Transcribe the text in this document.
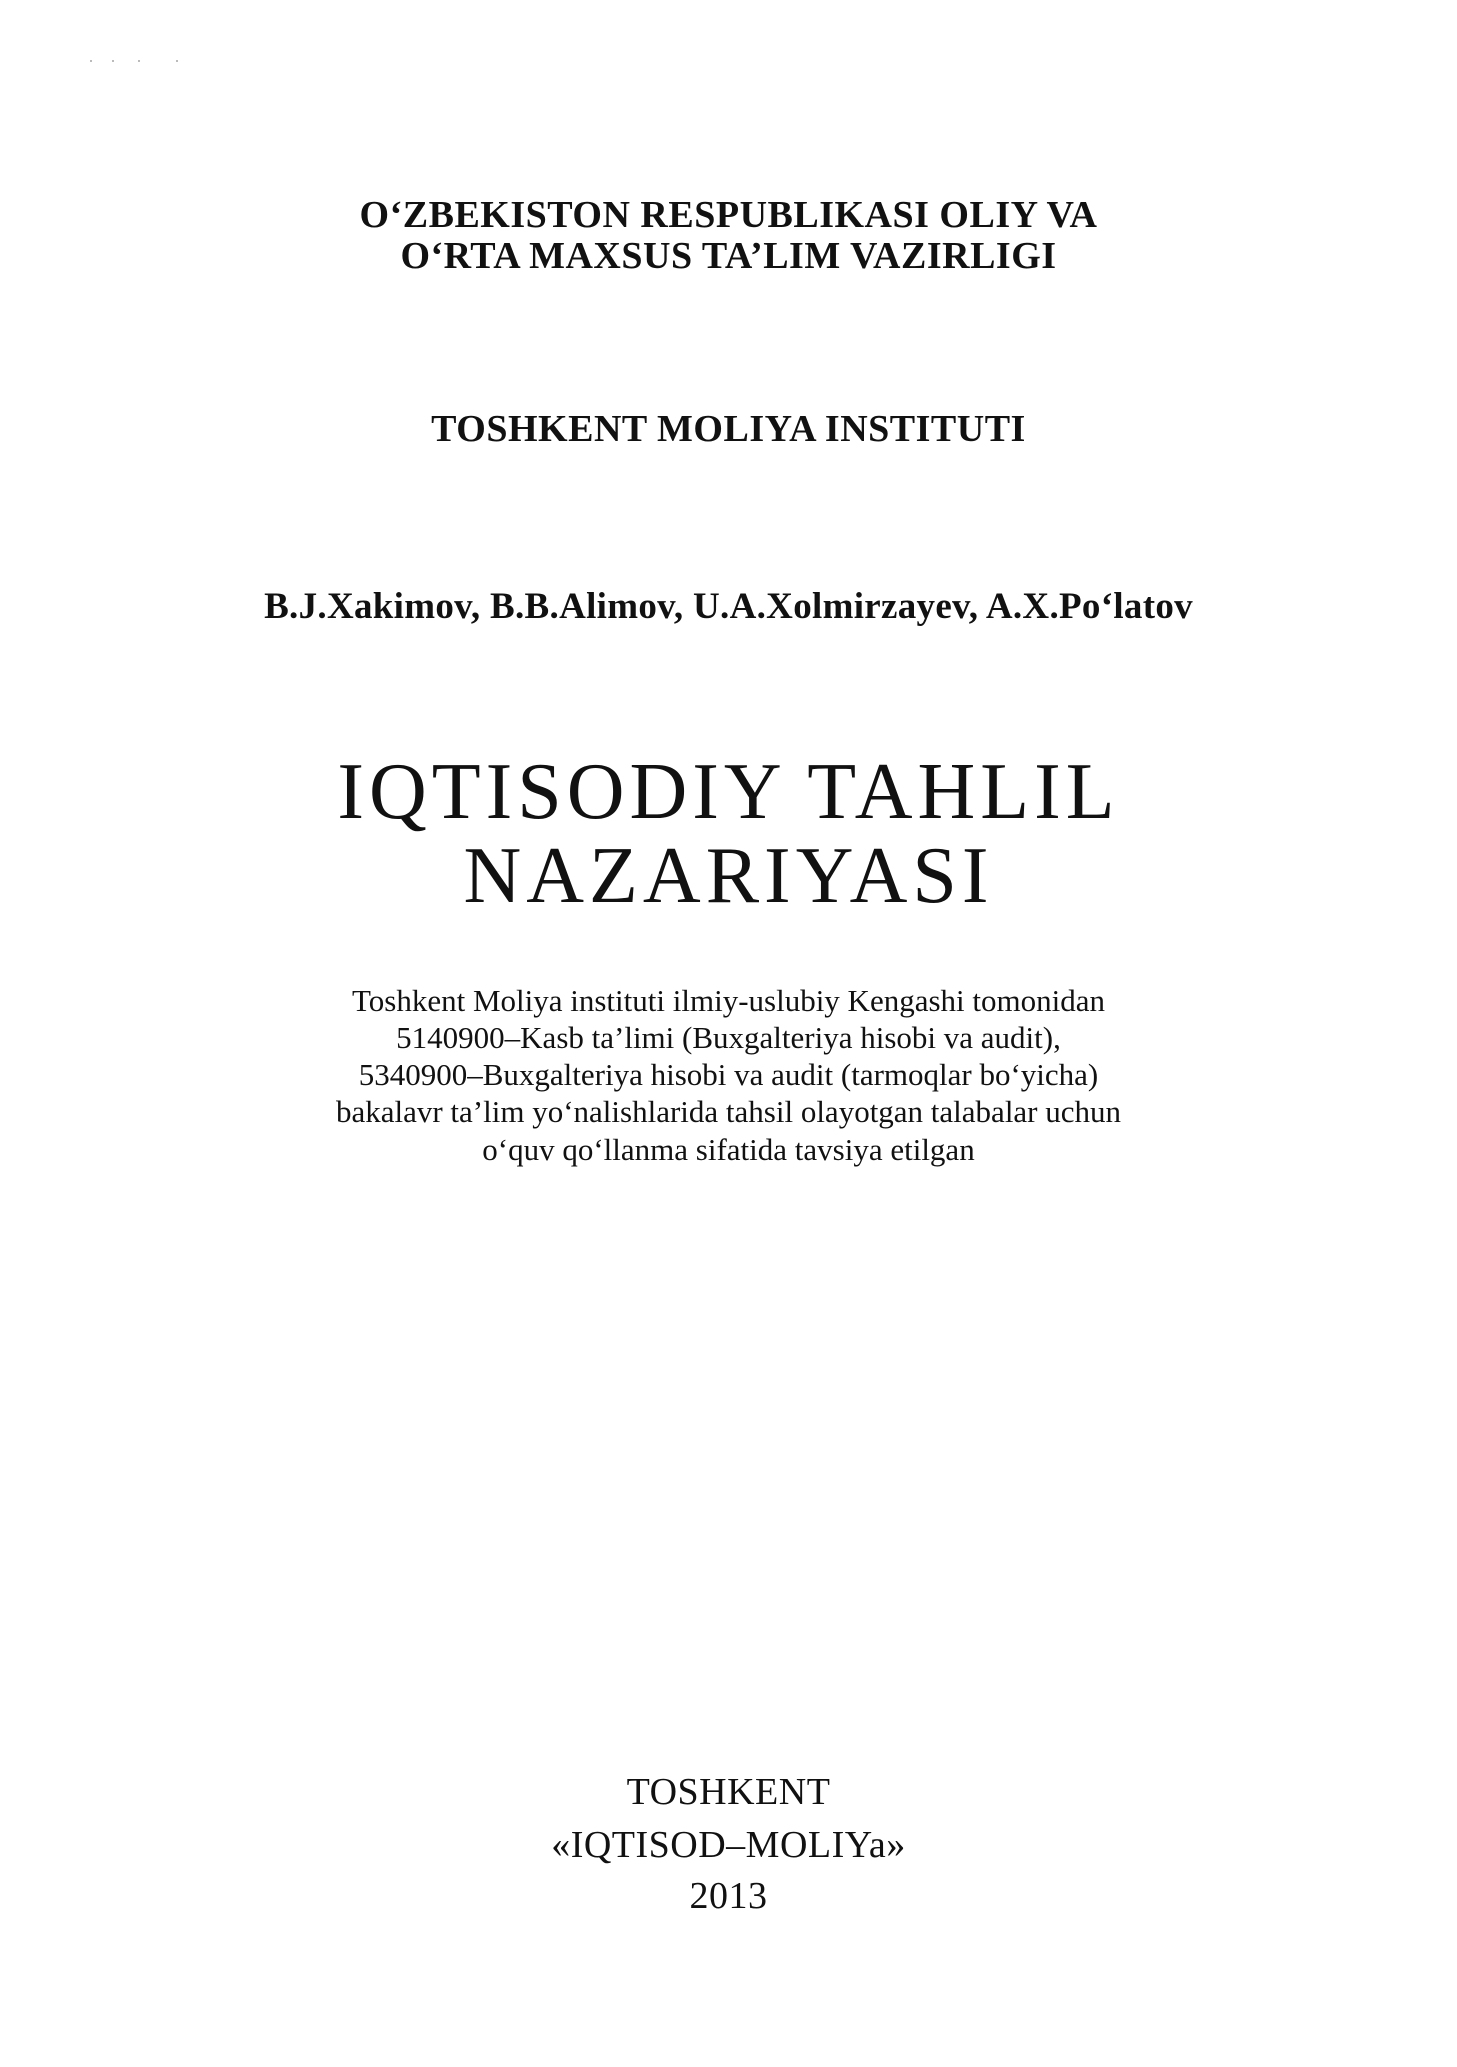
O‘ZBEKISTON RESPUBLIKASI OLIY VA
O‘RTA MAXSUS TA’LIM VAZIRLIGI
TOSHKENT MOLIYA INSTITUTI
B.J.Xakimov, B.B.Alimov, U.A.Xolmirzayev, A.X.Po‘latov
IQTISODIY TAHLIL
NAZARIYASI
Toshkent Moliya instituti ilmiy-uslubiy Kengashi tomonidan
5140900–Kasb ta’limi (Buxgalteriya hisobi va audit),
5340900–Buxgalteriya hisobi va audit (tarmoqlar bo‘yicha)
bakalavr ta’lim yo‘nalishlarida tahsil olayotgan talabalar uchun
o‘quv qo‘llanma sifatida tavsiya etilgan
TOSHKENT
«IQTISOD–MOLIYa»
2013
